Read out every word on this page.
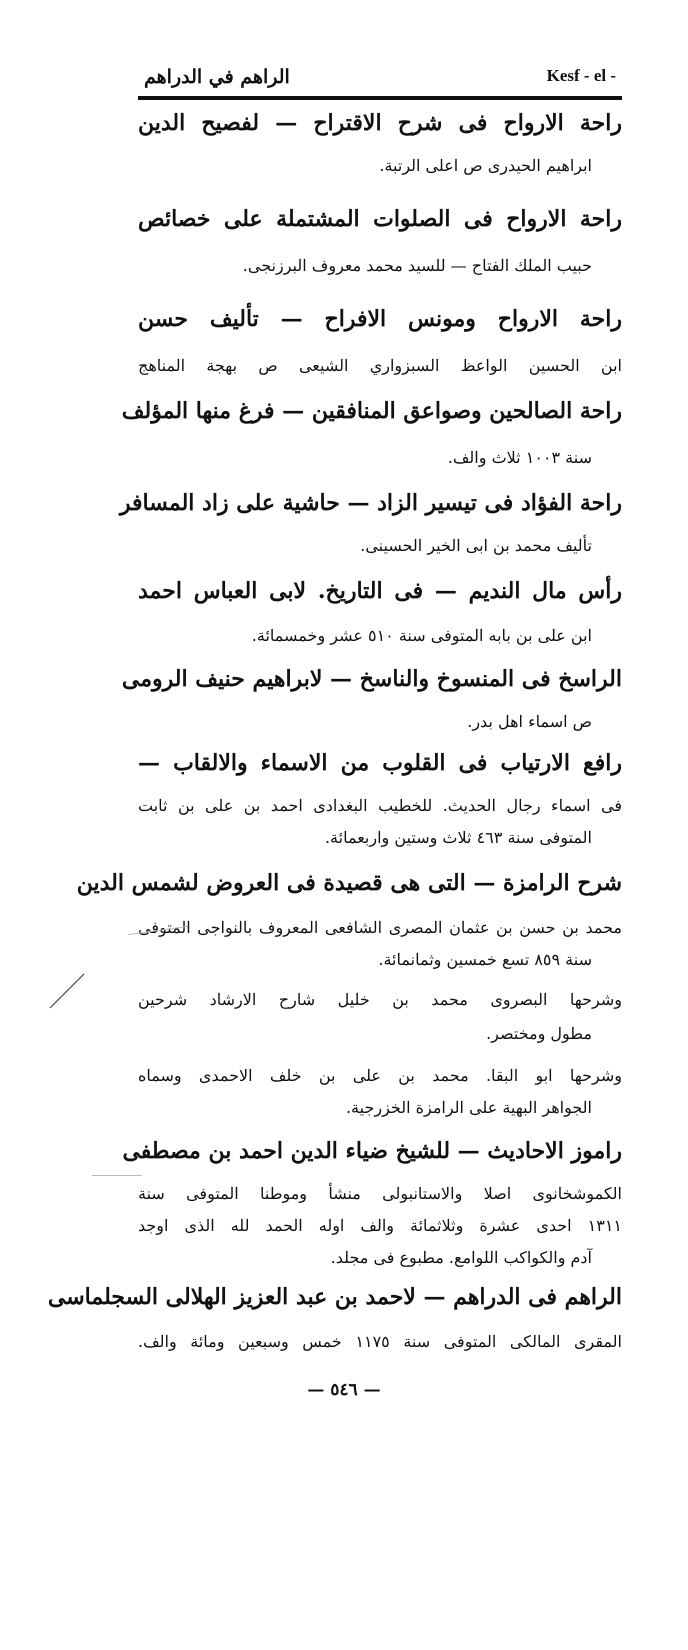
الراهم في الدراهم	Kesf - el -
راحة الارواح فى شرح الاقتراح — لفصيح الدين
ابراهيم الحيدرى ص اعلى الرتبة.
راحة الارواح فى الصلوات المشتملة على خصائص
حبيب الملك الفتاح — للسيد محمد معروف البرزنجى.
راحة الارواح ومونس الافراح — تأليف حسن
ابن الحسين الواعظ السبزواري الشيعى ص بهجة المناهج
راحة الصالحين وصواعق المنافقين — فرغ منها المؤلف
سنة ١٠٠٣ ثلاث والف.
راحة الفؤاد فى تيسير الزاد — حاشية على زاد المسافر
تأليف محمد بن ابى الخير الحسينى.
رأس مال النديم — فى التاريخ. لابى العباس احمد
ابن على بن بابه المتوفى سنة ٥١٠ عشر وخمسمائة.
الراسخ فى المنسوخ والناسخ — لابراهيم حنيف الرومى
ص اسماء اهل بدر.
رافع الارتياب فى القلوب من الاسماء والالقاب —
فى اسماء رجال الحديث. للخطيب البغدادى احمد بن على بن ثابت
المتوفى سنة ٤٦٣ ثلاث وستين واربعمائة.
شرح الرامزة — التى هى قصيدة فى العروض لشمس الدين
محمد بن حسن بن عثمان المصرى الشافعى المعروف بالنواجى المتوفى
سنة ٨٥٩ تسع خمسين وثمانمائة.
وشرحها البصروى محمد بن خليل شارح الارشاد شرحين
مطول ومختصر.
وشرحها ابو البقا. محمد بن على بن خلف الاحمدى وسماه
الجواهر البهية على الرامزة الخزرجية.
راموز الاحاديث — للشيخ ضياء الدين احمد بن مصطفى
الكموشخانوى اصلا والاستانبولى منشأ وموطنا المتوفى سنة
١٣١١ احدى عشرة وثلاثمائة والف اوله الحمد لله الذى اوجد
آدم والكواكب اللوامع. مطبوع فى مجلد.
الراهم فى الدراهم — لاحمد بن عبد العزيز الهلالى السجلماسى
المقرى المالكى المتوفى سنة ١١٧٥ خمس وسبعين ومائة والف.
— ٥٤٦ —
